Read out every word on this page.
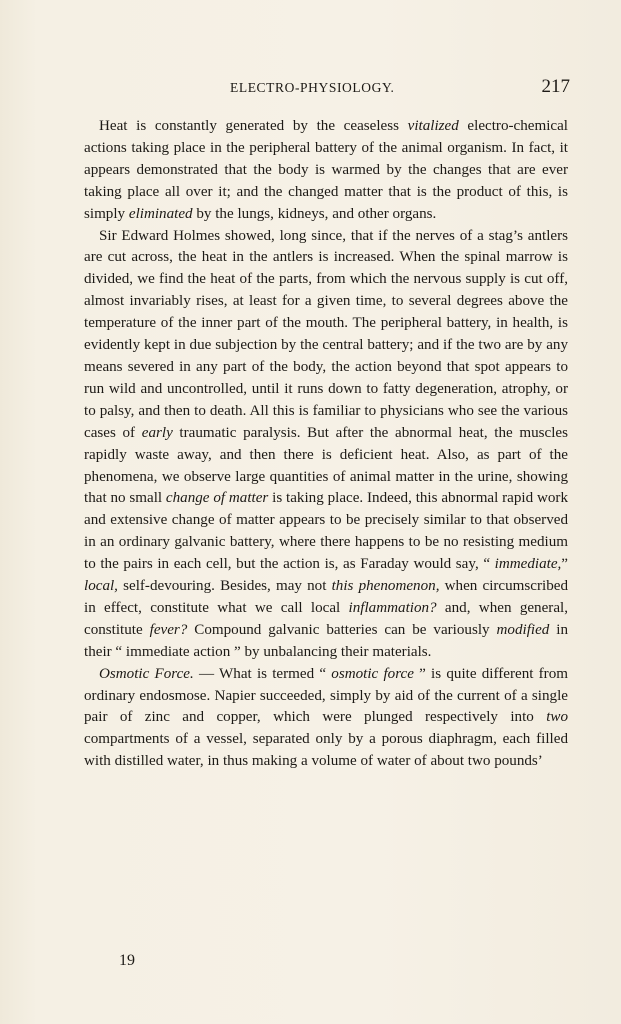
ELECTRO-PHYSIOLOGY.	217

Heat is constantly generated by the ceaseless vitalized electro-chemical actions taking place in the peripheral battery of the animal organism. In fact, it appears demonstrated that the body is warmed by the changes that are ever taking place all over it; and the changed matter that is the product of this, is simply eliminated by the lungs, kidneys, and other organs.

Sir Edward Holmes showed, long since, that if the nerves of a stag’s antlers are cut across, the heat in the antlers is increased. When the spinal marrow is divided, we find the heat of the parts, from which the nervous supply is cut off, almost invariably rises, at least for a given time, to several degrees above the temperature of the inner part of the mouth. The peripheral battery, in health, is evidently kept in due subjection by the central battery; and if the two are by any means severed in any part of the body, the action beyond that spot appears to run wild and uncontrolled, until it runs down to fatty degeneration, atrophy, or to palsy, and then to death. All this is familiar to physicians who see the various cases of early traumatic paralysis. But after the abnormal heat, the muscles rapidly waste away, and then there is deficient heat. Also, as part of the phenomena, we observe large quantities of animal matter in the urine, showing that no small change of matter is taking place. Indeed, this abnormal rapid work and extensive change of matter appears to be precisely similar to that observed in an ordinary galvanic battery, where there happens to be no resisting medium to the pairs in each cell, but the action is, as Faraday would say, “ immediate,” local, self-devouring. Besides, may not this phenomenon, when circumscribed in effect, constitute what we call local inflammation? and, when general, constitute fever? Compound galvanic batteries can be variously modified in their “ immediate action ” by unbalancing their materials.

Osmotic Force. — What is termed “ osmotic force ” is quite different from ordinary endosmose. Napier succeeded, simply by aid of the current of a single pair of zinc and copper, which were plunged respectively into two compartments of a vessel, separated only by a porous diaphragm, each filled with distilled water, in thus making a volume of water of about two pounds’

19
